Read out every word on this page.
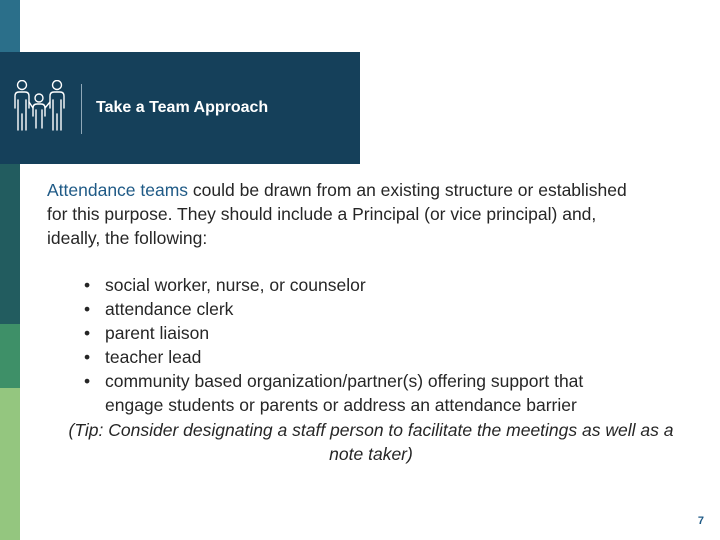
Take a Team Approach
Attendance teams could be drawn from an existing structure or established for this purpose. They should include a Principal (or vice principal) and, ideally, the following:
• social worker, nurse, or counselor
• attendance clerk
• parent liaison
• teacher lead
• community based organization/partner(s) offering support that
engage students or parents or address an attendance barrier
(Tip: Consider designating a staff person to facilitate the meetings as well as a note taker)
7
